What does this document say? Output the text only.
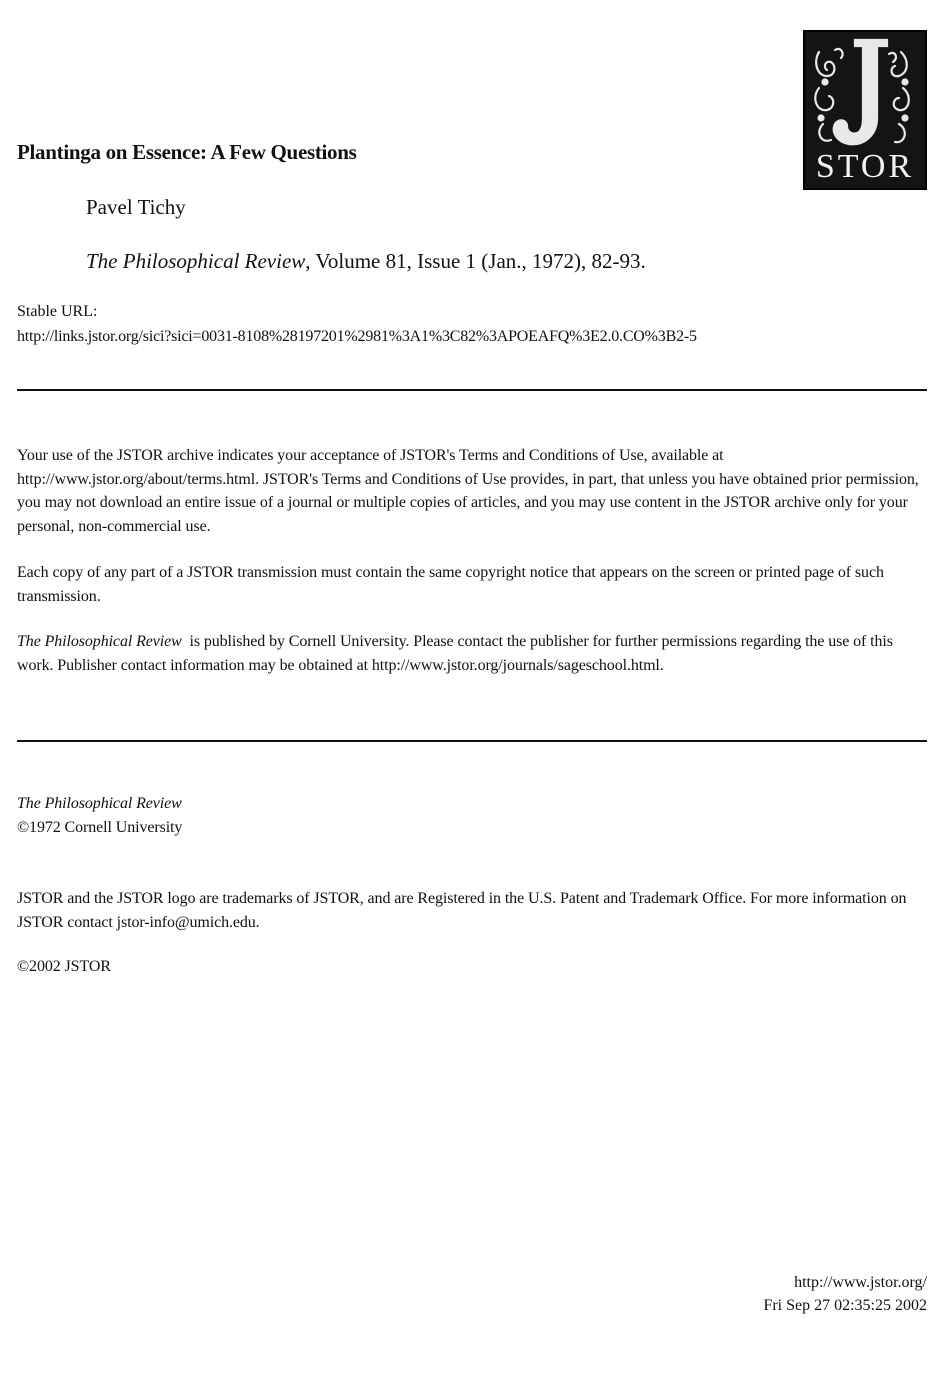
STOR
Plantinga on Essence: A Few Questions
Pavel Tichy
The Philosophical Review, Volume 81, Issue 1 (Jan., 1972), 82-93.
Stable URL:
http://links.jstor.org/sici?sici=0031-8108%28197201%2981%3A1%3C82%3APOEAFQ%3E2.0.CO%3B2-5

Your use of the JSTOR archive indicates your acceptance of JSTOR's Terms and Conditions of Use, available at http://www.jstor.org/about/terms.html. JSTOR's Terms and Conditions of Use provides, in part, that unless you have obtained prior permission, you may not download an entire issue of a journal or multiple copies of articles, and you may use content in the JSTOR archive only for your personal, non-commercial use.

Each copy of any part of a JSTOR transmission must contain the same copyright notice that appears on the screen or printed page of such transmission.

The Philosophical Review  is published by Cornell University. Please contact the publisher for further permissions regarding the use of this work. Publisher contact information may be obtained at http://www.jstor.org/journals/sageschool.html.

The Philosophical Review

©1972 Cornell University

JSTOR and the JSTOR logo are trademarks of JSTOR, and are Registered in the U.S. Patent and Trademark Office. For more information on JSTOR contact jstor-info@umich.edu.

©2002 JSTOR

http://www.jstor.org/
Fri Sep 27 02:35:25 2002
